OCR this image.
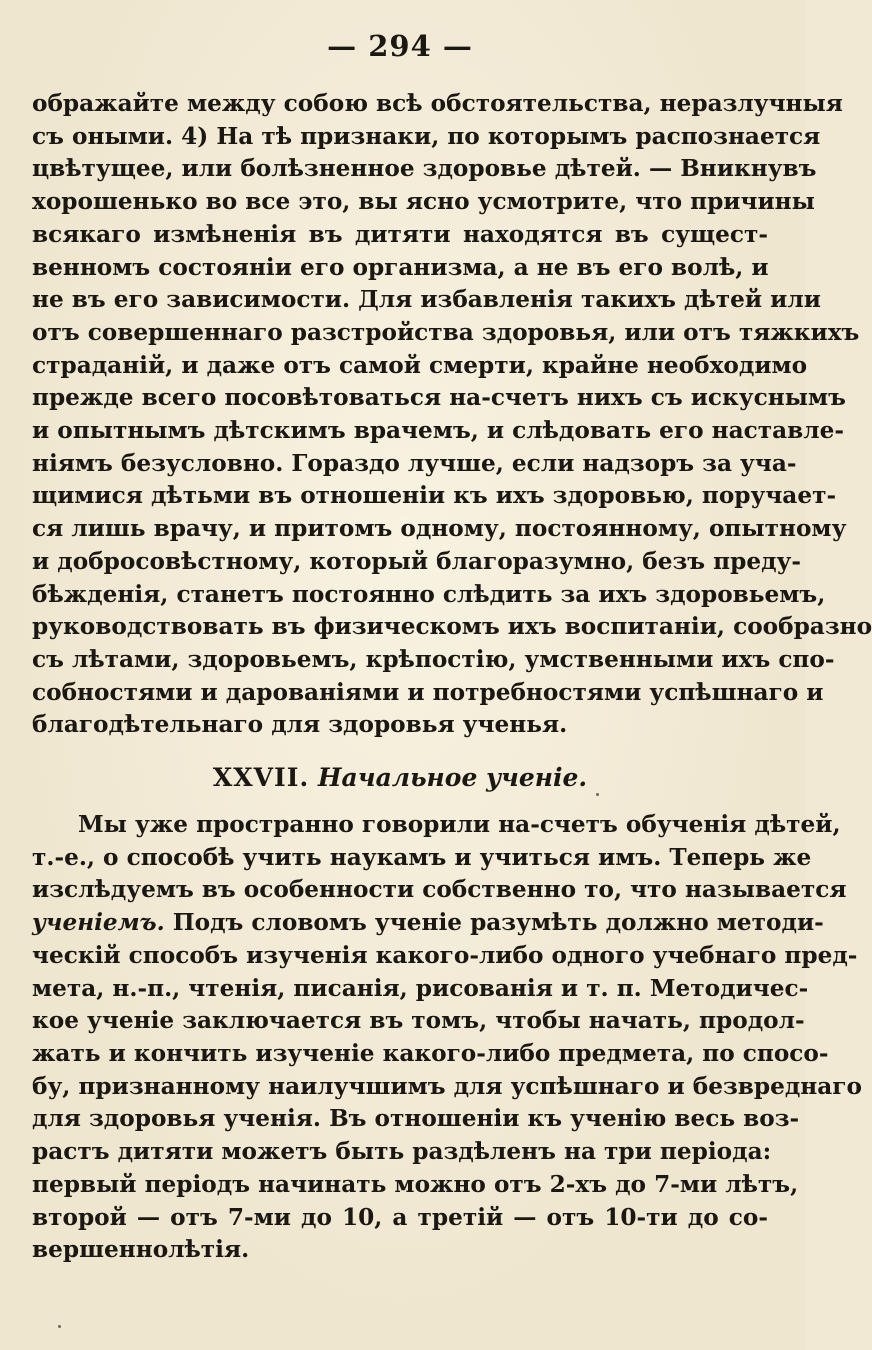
— 294 —
ображайте между собою всѣ обстоятельства, неразлучныя
съ оными. 4) На тѣ признаки, по которымъ распознается
цвѣтущее, или болѣзненное здоровье дѣтей. — Вникнувъ
хорошенько во все это, вы ясно усмотрите, что причины
всякаго измѣненія въ дитяти находятся въ сущест-
венномъ состояніи его организма, а не въ его волѣ, и
не въ его зависимости. Для избавленія такихъ дѣтей или
отъ совершеннаго разстройства здоровья, или отъ тяжкихъ
страданій, и даже отъ самой смерти, крайне необходимо
прежде всего посовѣтоваться на-счетъ нихъ съ искуснымъ
и опытнымъ дѣтскимъ врачемъ, и слѣдовать его наставле-
ніямъ безусловно. Гораздо лучше, если надзоръ за уча-
щимися дѣтьми въ отношеніи къ ихъ здоровью, поручает-
ся лишь врачу, и притомъ одному, постоянному, опытному
и добросовѣстному, который благоразумно, безъ преду-
бѣжденія, станетъ постоянно слѣдить за ихъ здоровьемъ,
руководствовать въ физическомъ ихъ воспитаніи, сообразно
съ лѣтами, здоровьемъ, крѣпостію, умственными ихъ спо-
собностями и дарованіями и потребностями успѣшнаго и
благодѣтельнаго для здоровья ученья.
XXVII. Начальное ученіе.
Мы уже пространно говорили на-счетъ обученія дѣтей,
т.-е., о способѣ учить наукамъ и учиться имъ. Теперь же
изслѣдуемъ въ особенности собственно то, что называется
ученіемъ. Подъ словомъ ученіе разумѣть должно методи-
ческій способъ изученія какого-либо одного учебнаго пред-
мета, н.-п., чтенія, писанія, рисованія и т. п. Методичес-
кое ученіе заключается въ томъ, чтобы начать, продол-
жать и кончить изученіе какого-либо предмета, по спосо-
бу, признанному наилучшимъ для успѣшнаго и безвреднаго
для здоровья ученія. Въ отношеніи къ ученію весь воз-
растъ дитяти можетъ быть раздѣленъ на три періода:
первый періодъ начинать можно отъ 2-хъ до 7-ми лѣтъ,
второй — отъ 7-ми до 10, а третій — отъ 10-ти до со-
вершеннолѣтія.
